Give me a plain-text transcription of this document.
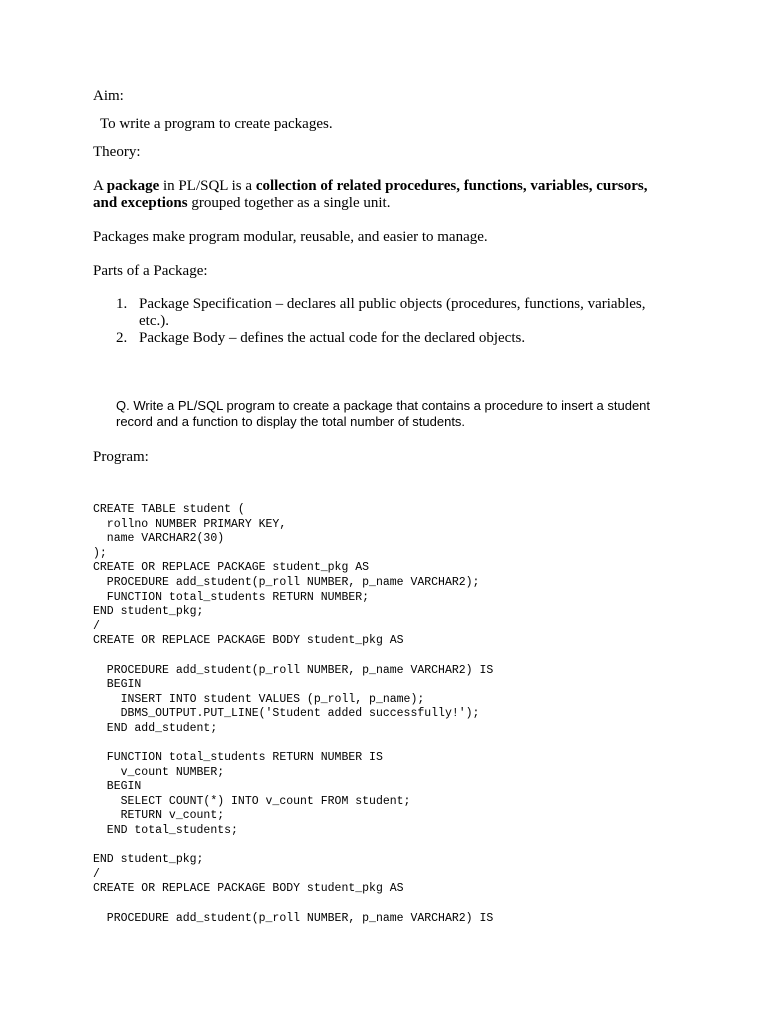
Aim:
To write a program to create packages.
Theory:
A package in PL/SQL is a collection of related procedures, functions, variables, cursors, and exceptions grouped together as a single unit.
Packages make program modular, reusable, and easier to manage.
Parts of a Package:
1. Package Specification – declares all public objects (procedures, functions, variables, etc.).
2. Package Body – defines the actual code for the declared objects.
Q. Write a PL/SQL program to create a package that contains a procedure to insert a student record and a function to display the total number of students.
Program:
CREATE TABLE student (
rollno NUMBER PRIMARY KEY,
name VARCHAR2(30)
);
CREATE OR REPLACE PACKAGE student_pkg AS
PROCEDURE add_student(p_roll NUMBER, p_name VARCHAR2);
FUNCTION total_students RETURN NUMBER;
END student_pkg;
/
CREATE OR REPLACE PACKAGE BODY student_pkg AS

PROCEDURE add_student(p_roll NUMBER, p_name VARCHAR2) IS
BEGIN
INSERT INTO student VALUES (p_roll, p_name);
DBMS_OUTPUT.PUT_LINE('Student added successfully!');
END add_student;

FUNCTION total_students RETURN NUMBER IS
v_count NUMBER;
BEGIN
SELECT COUNT(*) INTO v_count FROM student;
RETURN v_count;
END total_students;

END student_pkg;
/
CREATE OR REPLACE PACKAGE BODY student_pkg AS

PROCEDURE add_student(p_roll NUMBER, p_name VARCHAR2) IS
